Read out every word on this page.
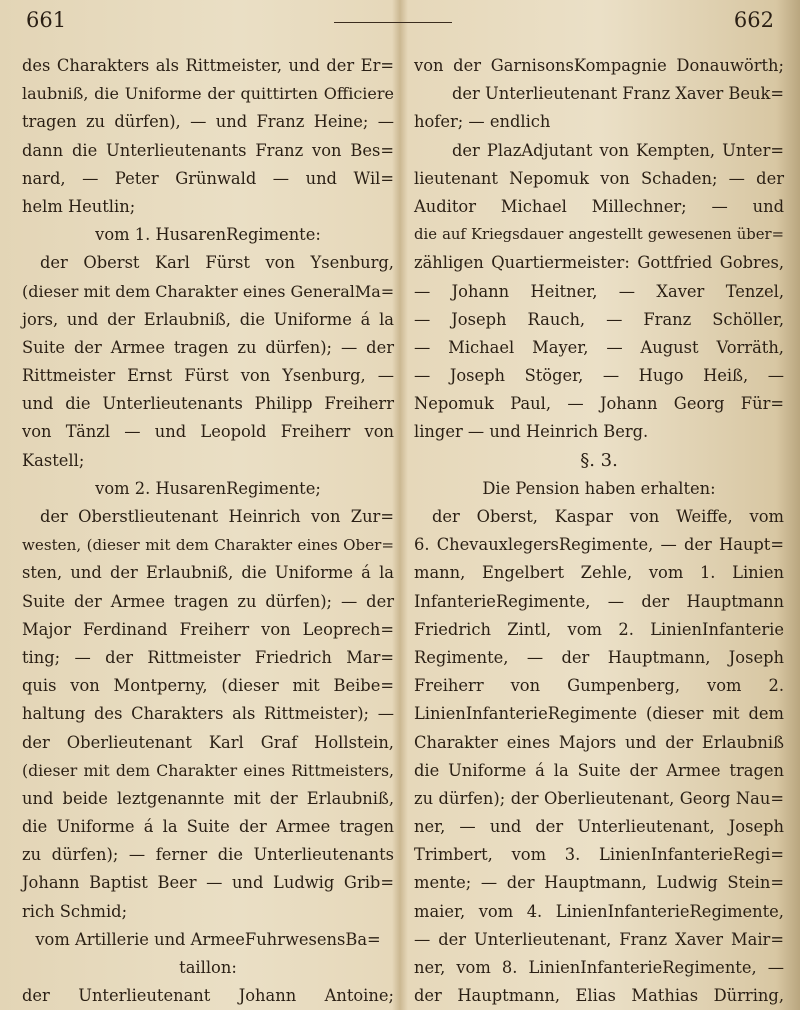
661
des Charakters als Rittmeister, und der Er=
laubniß, die Uniforme der quittirten Officiere
tragen zu dürfen), — und Franz Heine; —
dann die Unterlieutenants Franz von Bes=
nard, — Peter Grünwald — und Wil=
helm Heutlin;
vom 1. HusarenRegimente:
der Oberst Karl Fürst von Ysenburg,
(dieser mit dem Charakter eines GeneralMa=
jors, und der Erlaubniß, die Uniforme á la
Suite der Armee tragen zu dürfen); — der
Rittmeister Ernst Fürst von Ysenburg, —
und die Unterlieutenants Philipp Freiherr
von Tänzl — und Leopold Freiherr von
Kastell;
vom 2. HusarenRegimente;
der Oberstlieutenant Heinrich von Zur=
westen, (dieser mit dem Charakter eines Ober=
sten, und der Erlaubniß, die Uniforme á la
Suite der Armee tragen zu dürfen); — der
Major Ferdinand Freiherr von Leoprech=
ting; — der Rittmeister Friedrich Mar=
quis von Montperny, (dieser mit Beibe=
haltung des Charakters als Rittmeister); —
der Oberlieutenant Karl Graf Hollstein,
(dieser mit dem Charakter eines Rittmeisters,
und beide leztgenannte mit der Erlaubniß,
die Uniforme á la Suite der Armee tragen
zu dürfen); — ferner die Unterlieutenants
Johann Baptist Beer — und Ludwig Grib=
rich Schmid;
vom Artillerie und ArmeeFuhrwesensBa=
taillon:
der Unterlieutenant Johann Antoine;
662
von der GarnisonsKompagnie Donauwörth;
der Unterlieutenant Franz Xaver Beuk=
hofer; — endlich
der PlazAdjutant von Kempten, Unter=
lieutenant Nepomuk von Schaden; — der
Auditor Michael Millechner; — und
die auf Kriegsdauer angestellt gewesenen über=
zähligen Quartiermeister: Gottfried Gobres,
— Johann Heitner, — Xaver Tenzel,
— Joseph Rauch, — Franz Schöller,
— Michael Mayer, — August Vorräth,
— Joseph Stöger, — Hugo Heiß, —
Nepomuk Paul, — Johann Georg Für=
linger — und Heinrich Berg.
§. 3.
Die Pension haben erhalten:
der Oberst, Kaspar von Weiffe, vom
6. ChevauxlegersRegimente, — der Haupt=
mann, Engelbert Zehle, vom 1. Linien
InfanterieRegimente, — der Hauptmann
Friedrich Zintl, vom 2. LinienInfanterie
Regimente, — der Hauptmann, Joseph
Freiherr von Gumpenberg, vom 2.
LinienInfanterieRegimente (dieser mit dem
Charakter eines Majors und der Erlaubniß
die Uniforme á la Suite der Armee tragen
zu dürfen); der Oberlieutenant, Georg Nau=
ner, — und der Unterlieutenant, Joseph
Trimbert, vom 3. LinienInfanterieRegi=
mente; — der Hauptmann, Ludwig Stein=
maier, vom 4. LinienInfanterieRegimente,
— der Unterlieutenant, Franz Xaver Mair=
ner, vom 8. LinienInfanterieRegimente, —
der Hauptmann, Elias Mathias Dürring,
